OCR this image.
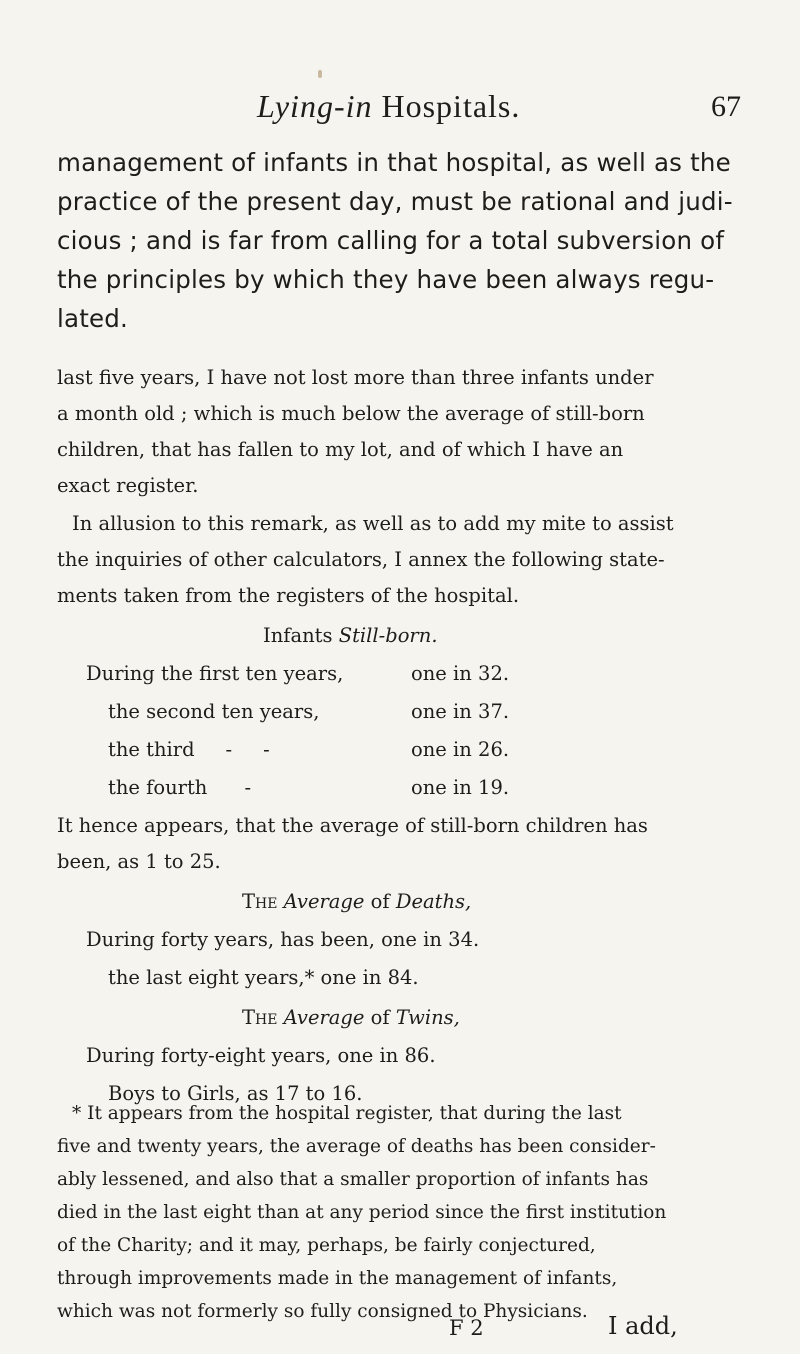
Lying-in Hospitals.	67
management of infants in that hospital, as well as the
practice of the present day, must be rational and judi-
cious ; and is far from calling for a total subversion of
the principles by which they have been always regu-
lated.
last five years, I have not lost more than three infants under
a month old ; which is much below the average of still-born
children, that has fallen to my lot, and of which I have an
exact register.
In allusion to this remark, as well as to add my mite to assist
the inquiries of other calculators, I annex the following state-
ments taken from the registers of the hospital.
Infants Still-born.
During the first ten years,	one in 32.
the second ten years,	one in 37.
the third     -     -	one in 26.
the fourth      -	one in 19.
It hence appears, that the average of still-born children has
been, as 1 to 25.
The Average of Deaths,
During forty years, has been, one in 34.
the last eight years,* one in 84.
The Average of Twins,
During forty-eight years, one in 86.
Boys to Girls, as 17 to 16.
* It appears from the hospital register, that during the last
five and twenty years, the average of deaths has been consider-
ably lessened, and also that a smaller proportion of infants has
died in the last eight than at any period since the first institution
of the Charity; and it may, perhaps, be fairly conjectured,
through improvements made in the management of infants,
which was not formerly so fully consigned to Physicians.
F 2	I add,
